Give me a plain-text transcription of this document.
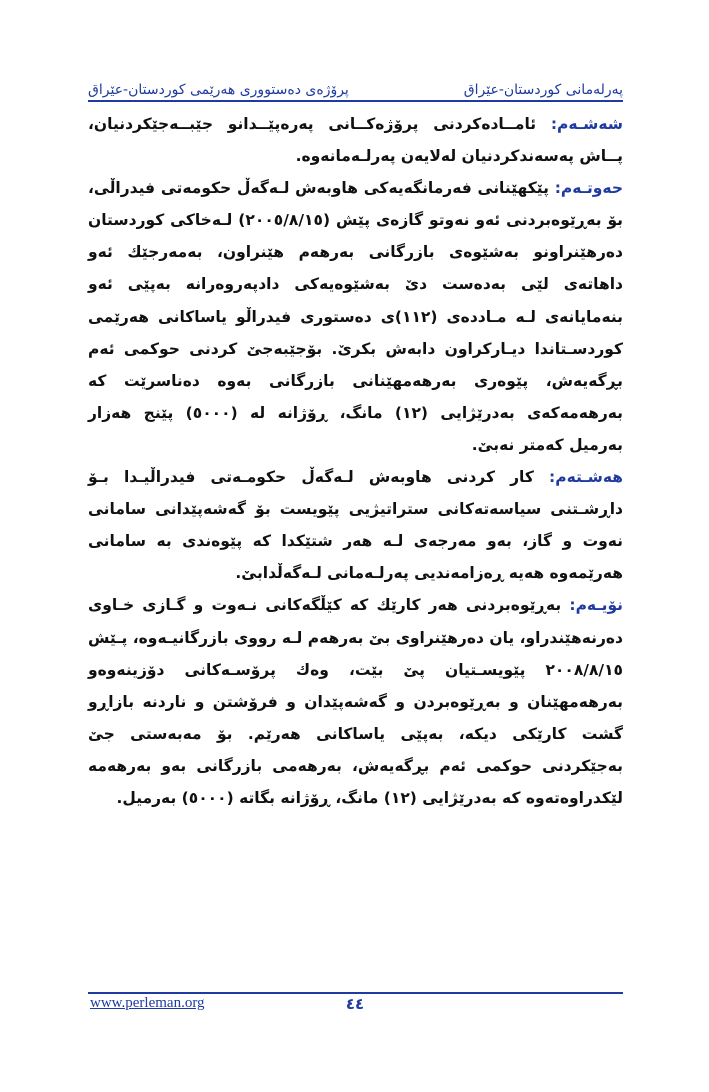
پەرلەمانی كوردستان-عێراق
پرۆژەی دەستووری هەرێمی كوردستان-عێراق

شەشـەم: ئامــادەكردنی پرۆژەكــانی پەرەپێــدانو جێبــەجێكردنیان، پــاش پەسەندكردنیان لەلایەن پەرلـەمانەوە.

حەوتـەم: پێكهێنانی فەرمانگەیەكی هاوبەش لـەگەڵ حكومەتی فیدراڵی، بۆ بەڕێوەبردنی ئەو نەوتو گازەی پێش (٢٠٠٥/٨/١٥) لـەخاكی كوردستان دەرهێنراونو بەشێوەی بازرگانی بەرهەم هێنراون، بەمەرجێك ئەو داهاتەی لێی بەدەست دێ بەشێوەیەكی دادپەروەرانە بەپێی ئەو بنەمایانەی لـە مـاددەی (١١٢)ی دەستوری فیدراڵو یاساكانی هەرێمی كوردسـتاندا دیـاركراون دابەش بكرێ. بۆجێبەجێ كردنی حوكمی ئەم بڕگەیەش، پێوەری بەرهەمهێنانی بازرگانی بەوە دەناسرێت كە بەرهەمەكەی بەدرێژایی (١٢) مانگ، ڕۆژانە لە (٥٠٠٠) پێنج هەزار بەرمیل كەمتر نەبێ.

هەشـتەم: كار كردنی هاوبەش لـەگەڵ حكومـەتی فیدراڵیـدا بـۆ داڕشـتنی سیاسەتەكانی ستراتیژیی پێویست بۆ گەشەپێدانی سامانی نەوت و گاز، بەو مەرجەی لـە هەر شتێكدا كە پێوەندی بە سامانی هەرێمەوە هەیە ڕەزامەندیی پەرلـەمانی لـەگەڵدابێ.

نۆیـەم: بەڕێوەبردنی هەر كارێك كە كێڵگەكانی نـەوت و گـازی خـاوی دەرنەهێندراو، یان دەرهێنراوی بێ بەرهەم لـە رووی بازرگانیـەوە، پـێش ٢٠٠٨/٨/١٥ پێویسـتیان پێ بێت، وەك پرۆسـەكانی دۆزینەوەو بەرهەمهێنان و بەڕێوەبردن و گەشەپێدان و فرۆشتن و ناردنە بازاڕو گشت كارێكی دیكە، بەپێی یاساكانی هەرێم. بۆ مەبەستی جێ بەجێكردنی حوكمی ئەم بڕگەیەش، بەرهەمی بازرگانی بەو بەرهەمە لێكدراوەتەوە كە بەدرێژایی (١٢) مانگ، ڕۆژانە بگاتە (٥٠٠٠) بەرمیل.

www.perleman.org	٤٤
